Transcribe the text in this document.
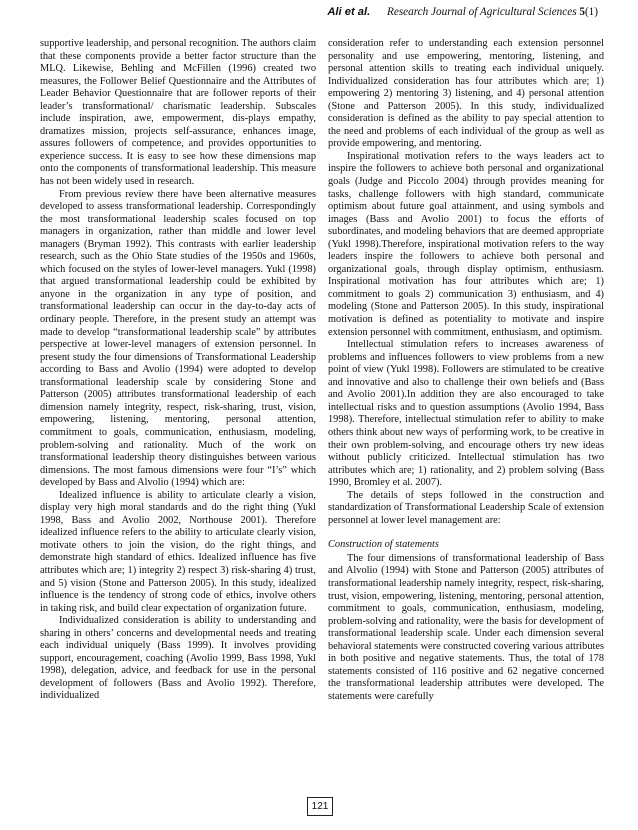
Ali et al. Research Journal of Agricultural Sciences 5(1)

supportive leadership, and personal recognition. The authors claim that these components provide a better factor structure than the MLQ. Likewise, Behling and McFillen (1996) created two measures, the Follower Belief Questionnaire and the Attributes of Leader Behavior Questionnaire that are follower reports of their leader’s transformational/ charismatic leadership. Subscales include inspiration, awe, empowerment, dis-plays empathy, dramatizes mission, projects self-assurance, enhances image, assures followers of competence, and provides opportunities to experience success. It is easy to see how these dimensions map onto the components of transformational leadership. This measure has not been widely used in research.

From previous review there have been alternative measures developed to assess transformational leadership. Correspondingly the most transformational leadership scales focused on top managers in organization, rather than middle and lower level managers (Bryman 1992). This contrasts with earlier leadership research, such as the Ohio State studies of the 1950s and 1960s, which focused on the styles of lower-level managers. Yukl (1998) that argued transformational leadership could be exhibited by anyone in the organization in any type of position, and transformational leadership can occur in the day-to-day acts of ordinary people. Therefore, in the present study an attempt was made to develop “transformational leadership scale” by attributes perspective at lower-level managers of extension personnel. In present study the four dimensions of Transformational Leadership according to Bass and Avolio (1994) were adopted to develop transformational leadership scale by considering Stone and Patterson (2005) attributes transformational leadership of each dimension namely integrity, respect, risk-sharing, trust, vision, empowering, listening, mentoring, personal attention, commitment to goals, communication, enthusiasm, modeling, problem-solving and rationality. Much of the work on transformational leadership theory distinguishes between various dimensions. The most famous dimensions were four “I’s” which developed by Bass and Alvolio (1994) which are:

Idealized influence is ability to articulate clearly a vision, display very high moral standards and do the right thing (Yukl 1998, Bass and Avolio 2002, Northouse 2001). Therefore idealized influence refers to the ability to articulate clearly vision, motivate others to join the vision, do the right things, and demonstrate high standard of ethics. Idealized influence has five attributes which are; 1) integrity 2) respect 3) risk-sharing 4) trust, and 5) vision (Stone and Patterson 2005). In this study, idealized influence is the tendency of strong code of ethics, involve others in taking risk, and build clear expectation of organization future.

Individualized consideration is ability to understanding and sharing in others’ concerns and developmental needs and treating each individual uniquely (Bass 1999). It involves providing support, encouragement, coaching (Avolio 1999, Bass 1998, Yukl 1998), delegation, advice, and feedback for use in the personal development of followers (Bass and Avolio 1992). Therefore, individualized

consideration refer to understanding each extension personnel personality and use empowering, mentoring, listening, and personal attention skills to treating each individual uniquely. Individualized consideration has four attributes which are; 1) empowering 2) mentoring 3) listening, and 4) personal attention (Stone and Patterson 2005). In this study, individualized consideration is defined as the ability to pay special attention to the need and problems of each individual of the group as well as provide empowering, and mentoring.

Inspirational motivation refers to the ways leaders act to inspire the followers to achieve both personal and organizational goals (Judge and Piccolo 2004) through provides meaning for tasks, challenge followers with high standard, communicate optimism about future goal attainment, and using symbols and images (Bass and Avolio 2001) to focus the efforts of subordinates, and modeling behaviors that are deemed appropriate (Yukl 1998).Therefore, inspirational motivation refers to the way leaders inspire the followers to achieve both personal and organizational goals, through display optimism, enthusiasm. Inspirational motivation has four attributes which are; 1) commitment to goals 2) communication 3) enthusiasm, and 4) modeling (Stone and Patterson 2005). In this study, inspirational motivation is defined as potentiality to motivate and inspire extension personnel with commitment, enthusiasm, and optimism.

Intellectual stimulation refers to increases awareness of problems and influences followers to view problems from a new point of view (Yukl 1998). Followers are stimulated to be creative and innovative and also to challenge their own beliefs and (Bass and Avolio 2001).In addition they are also encouraged to take intellectual risks and to question assumptions (Avolio 1994, Bass 1998). Therefore, intellectual stimulation refer to ability to make others think about new ways of performing work, to be creative in their own problem-solving, and encourage others try new ideas without publicly criticized. Intellectual stimulation has two attributes which are; 1) rationality, and 2) problem solving (Bass 1990, Bromley et al. 2007).

The details of steps followed in the construction and standardization of Transformational Leadership Scale of extension personnel at lower level management are:

Construction of statements

The four dimensions of transformational leadership of Bass and Alvolio (1994) with Stone and Patterson (2005) attributes of transformational leadership namely integrity, respect, risk-sharing, trust, vision, empowering, listening, mentoring, personal attention, commitment to goals, communication, enthusiasm, modeling, problem-solving and rationality, were the basis for development of transformational leadership scale. Under each dimension several behavioral statements were constructed covering various attributes in both positive and negative statements. Thus, the total of 178 statements consisted of 116 positive and 62 negative concerned the transformational leadership attributes were developed. The statements were carefully

121
